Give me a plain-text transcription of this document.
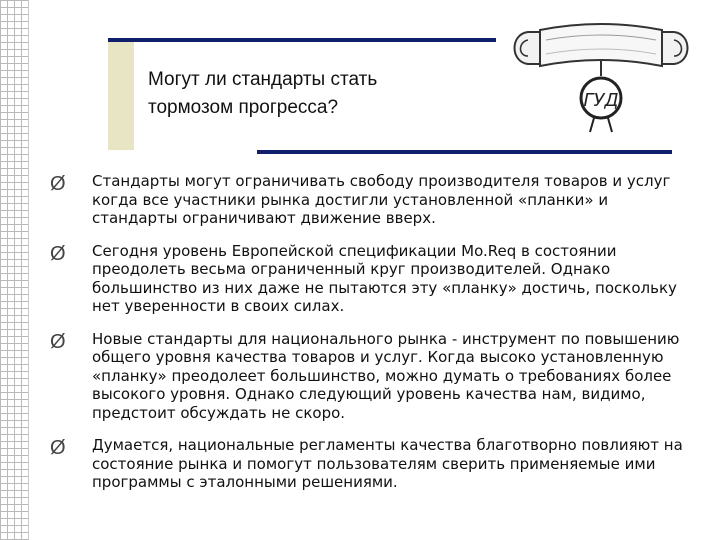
Могут ли стандарты стать
тормозом прогресса?	ГУД
Ø Стандарты могут ограничивать свободу производителя товаров и услуг когда все участники рынка достигли установленной «планки» и стандарты ограничивают движение вверх.
Ø Сегодня уровень Европейской спецификации Mo.Req в состоянии преодолеть весьма ограниченный круг производителей. Однако большинство из них даже не пытаются эту «планку» достичь, поскольку нет уверенности в своих силах.
Ø Новые стандарты для национального рынка - инструмент по повышению общего уровня качества товаров и услуг. Когда высоко установленную «планку» преодолеет большинство, можно думать о требованиях более высокого уровня. Однако следующий уровень качества нам, видимо, предстоит обсуждать не скоро.
Ø Думается, национальные регламенты качества благотворно повлияют на состояние рынка и помогут пользователям сверить применяемые ими программы с эталонными решениями.
